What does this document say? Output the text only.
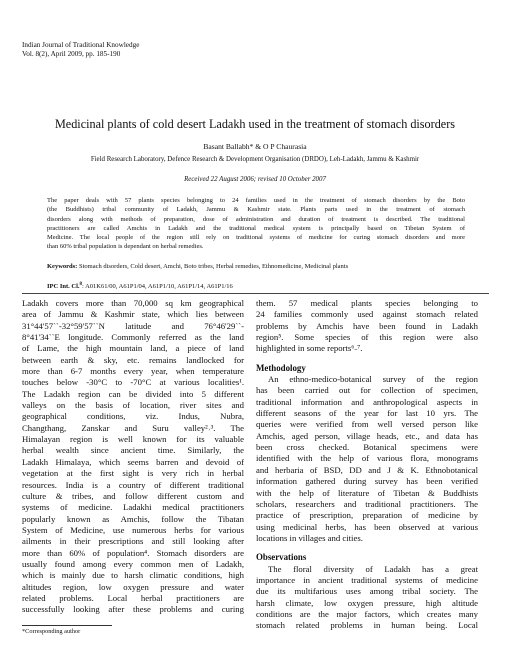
Indian Journal of Traditional Knowledge
Vol. 8(2), April 2009, pp. 185-190
Medicinal plants of cold desert Ladakh used in the treatment of stomach disorders
Basant Ballabh* & O P Chaurasia
Field Research Laboratory, Defence Research & Development Organisation (DRDO), Leh-Ladakh, Jammu & Kashmir
Received 22 August 2006; revised 10 October 2007
The paper deals with 57 plants species belonging to 24 families used in the treatment of stomach disorders by the Boto
(the Buddhists) tribal community of Ladakh, Jammu & Kashmir state. Plants parts used in the treatment of stomach
disorders along with methods of preparation, dose of administration and duration of treatment is described. The traditional
practitioners are called Amchis in Ladakh and the traditional medical system is principally based on Tibetan System of
Medicine. The local people of the region still rely on traditional systems of medicine for curing stomach disorders and more
than 60% tribal population is dependant on herbal remedies.
Keywords: Stomach disorders, Cold desert, Amchi, Boto tribes, Herbal remedies, Ethnomedicine, Medicinal plants
IPC Int. Cl.$^8$: A01K61/00, A61P1/04, A61P1/10, A61P1/14, A61P1/16
Ladakh covers more than 70,000 sq km geographical
area of Jammu & Kashmir state, which lies between
31°44'57``-32°59'57``N latitude and 76°46'29``-
8°41'34``E longitude. Commonly referred as the land
of Lame, the high mountain land, a piece of land
between earth & sky, etc. remains landlocked for
more than 6-7 months every year, when temperature
touches below -30°C to -70°C at various localities¹.
The Ladakh region can be divided into 5 different
valleys on the basis of location, river sites and
geographical conditions, viz. Indus, Nubra,
Changthang, Zanskar and Suru valley²˒³. The
Himalayan region is well known for its valuable
herbal wealth since ancient time. Similarly, the
Ladakh Himalaya, which seems barren and devoid of
vegetation at the first sight is very rich in herbal
resources. India is a country of different traditional
culture & tribes, and follow different custom and
systems of medicine. Ladakhi medical practitioners
popularly known as Amchis, follow the Tibatan
System of Medicine, use numerous herbs for various
ailments in their prescriptions and still looking after
more than 60% of population⁴. Stomach disorders are
usually found among every common men of Ladakh,
which is mainly due to harsh climatic conditions, high
altitudes region, low oxygen pressure and water
related problems. Local herbal practitioners are
successfully looking after these problems and curing
them. 57 medical plants species belonging to
24 families commonly used against stomach related
problems by Amchis have been found in Ladakh
region⁵. Some species of this region were also
highlighted in some reports⁶˗⁷.
Methodology
An ethno-medico-botanical survey of the region
has been carried out for collection of specimen,
traditional information and anthropological aspects in
different seasons of the year for last 10 yrs. The
queries were verified from well versed person like
Amchis, aged person, village heads, etc., and data has
been cross checked. Botanical specimens were
identified with the help of various flora, monograms
and herbaria of BSD, DD and J & K. Ethnobotanical
information gathered during survey has been verified
with the help of literature of Tibetan & Buddhists
scholars, researchers and traditional practitioners. The
practice of prescription, preparation of medicine by
using medicinal herbs, has been observed at various
locations in villages and cities.
Observations
The floral diversity of Ladakh has a great
importance in ancient traditional systems of medicine
due its multifarious uses among tribal society. The
harsh climate, low oxygen pressure, high altitude
conditions are the major factors, which creates many
stomach related problems in human being. Local
*Corresponding author
